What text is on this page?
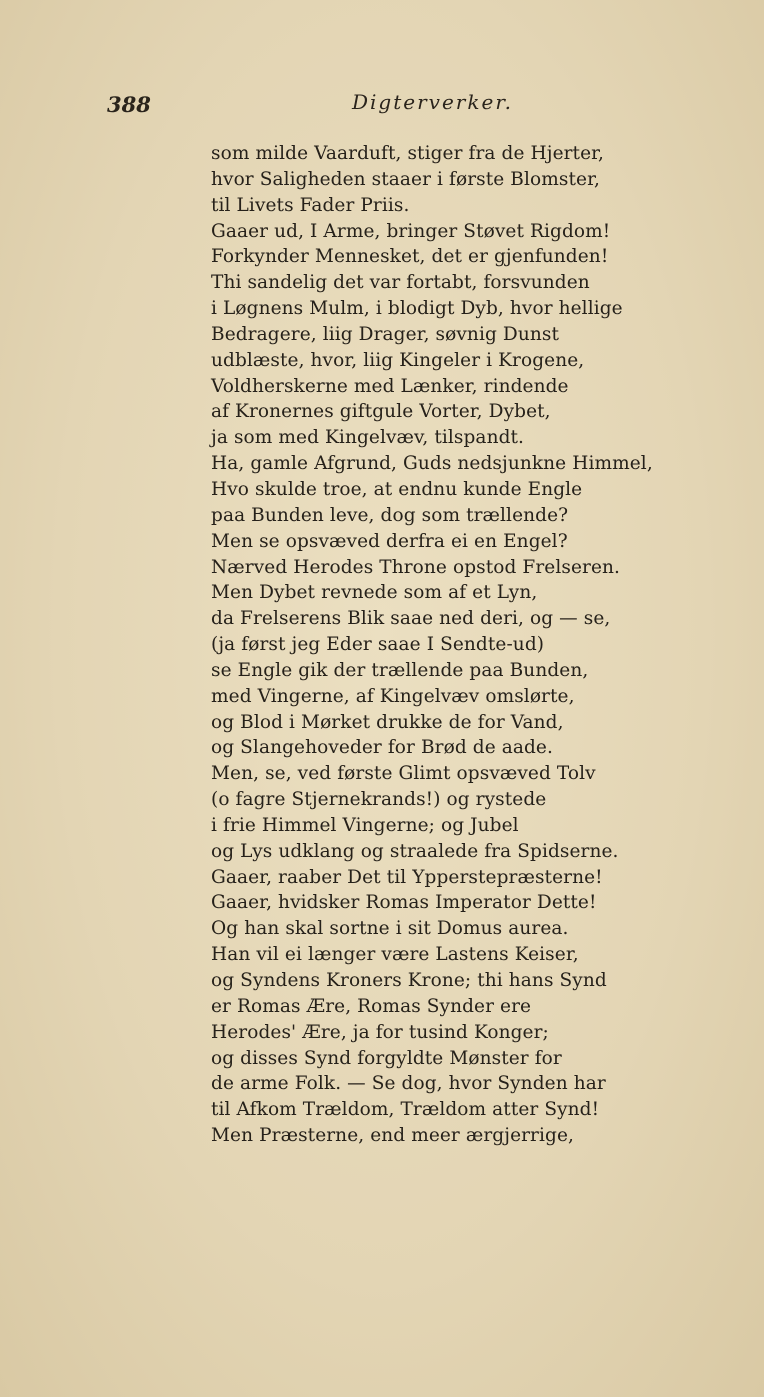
388	Digterverker.
som milde Vaarduft, stiger fra de Hjerter,
hvor Saligheden staaer i første Blomster,
til Livets Fader Priis.
Gaaer ud, I Arme, bringer Støvet Rigdom!
Forkynder Mennesket, det er gjenfunden!
Thi sandelig det var fortabt, forsvunden
i Løgnens Mulm, i blodigt Dyb, hvor hellige
Bedragere, liig Drager, søvnig Dunst
udblæste, hvor, liig Kingeler i Krogene,
Voldherskerne med Lænker, rindende
af Kronernes giftgule Vorter, Dybet,
ja som med Kingelvæv, tilspandt.
Ha, gamle Afgrund, Guds nedsjunkne Himmel,
Hvo skulde troe, at endnu kunde Engle
paa Bunden leve, dog som trællende?
Men se opsvæved derfra ei en Engel?
Nærved Herodes Throne opstod Frelseren.
Men Dybet revnede som af et Lyn,
da Frelserens Blik saae ned deri, og — se,
(ja først jeg Eder saae I Sendte-ud)
se Engle gik der trællende paa Bunden,
med Vingerne, af Kingelvæv omslørte,
og Blod i Mørket drukke de for Vand,
og Slangehoveder for Brød de aade.
Men, se, ved første Glimt opsvæved Tolv
(o fagre Stjernekrands!) og rystede
i frie Himmel Vingerne; og Jubel
og Lys udklang og straalede fra Spidserne.
Gaaer, raaber Det til Ypperstepræsterne!
Gaaer, hvidsker Romas Imperator Dette!
Og han skal sortne i sit Domus aurea.
Han vil ei længer være Lastens Keiser,
og Syndens Kroners Krone; thi hans Synd
er Romas Ære, Romas Synder ere
Herodes' Ære, ja for tusind Konger;
og disses Synd forgyldte Mønster for
de arme Folk. — Se dog, hvor Synden har
til Afkom Trældom, Trældom atter Synd!
Men Præsterne, end meer ærgjerrige,
